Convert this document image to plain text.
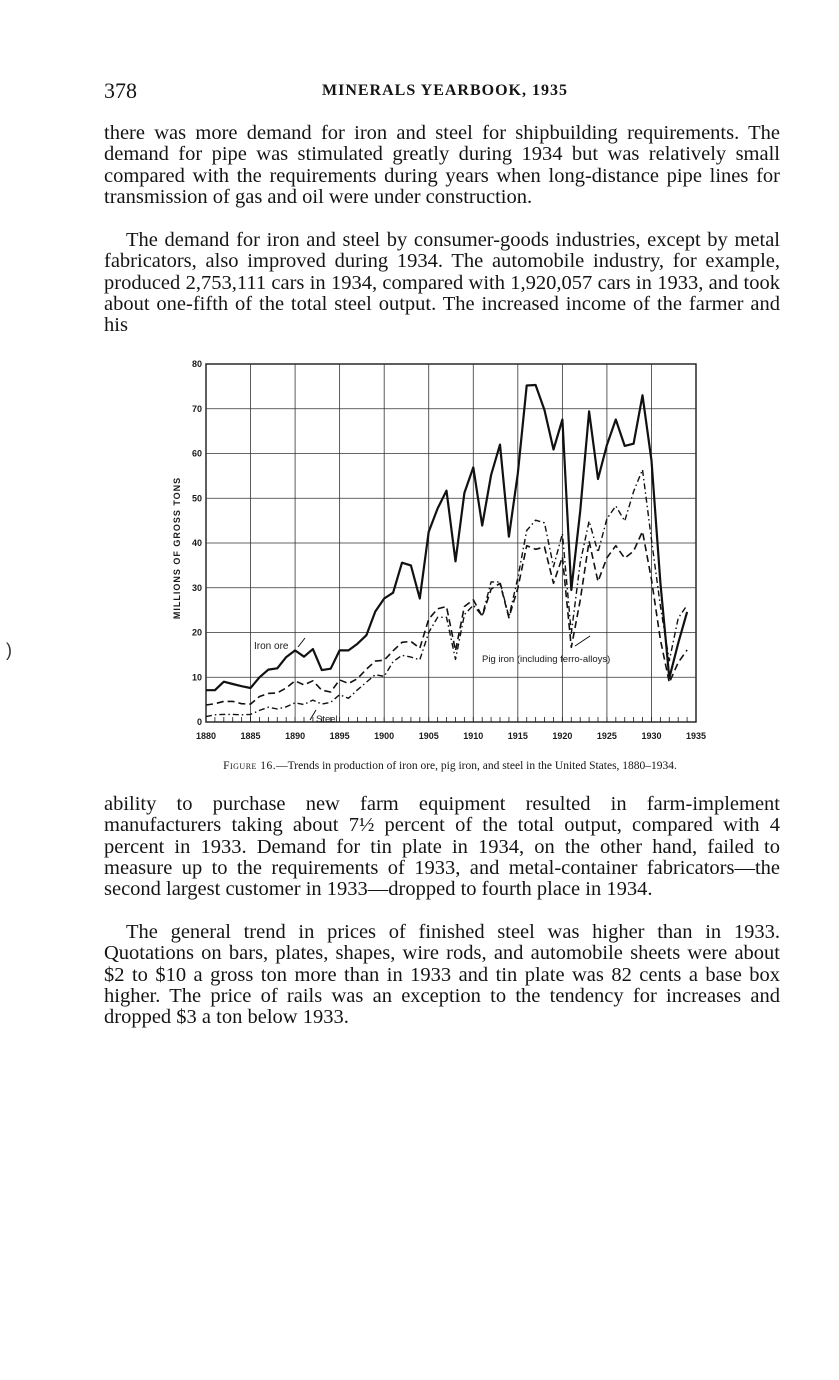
378	MINERALS YEARBOOK, 1935

there was more demand for iron and steel for shipbuilding requirements. The demand for pipe was stimulated greatly during 1934 but was relatively small compared with the requirements during years when long-distance pipe lines for transmission of gas and oil were under construction.

The demand for iron and steel by consumer-goods industries, except by metal fabricators, also improved during 1934. The automobile industry, for example, produced 2,753,111 cars in 1934, compared with 1,920,057 cars in 1933, and took about one-fifth of the total steel output. The increased income of the farmer and his

1880	1885	1890	1895	1900	1905	1910	1915	1920	1925	1930	1935
0
10
20
30
40
50
60
70
80
MILLIONS OF GROSS TONS
Iron ore
Steel
Pig iron (including ferro-alloys)
Figure 16.—Trends in production of iron ore, pig iron, and steel in the United States, 1880–1934.
)

ability to purchase new farm equipment resulted in farm-implement manufacturers taking about 7½ percent of the total output, compared with 4 percent in 1933. Demand for tin plate in 1934, on the other hand, failed to measure up to the requirements of 1933, and metal-container fabricators—the second largest customer in 1933—dropped to fourth place in 1934.

The general trend in prices of finished steel was higher than in 1933. Quotations on bars, plates, shapes, wire rods, and automobile sheets were about $2 to $10 a gross ton more than in 1933 and tin plate was 82 cents a base box higher. The price of rails was an exception to the tendency for increases and dropped $3 a ton below 1933.
